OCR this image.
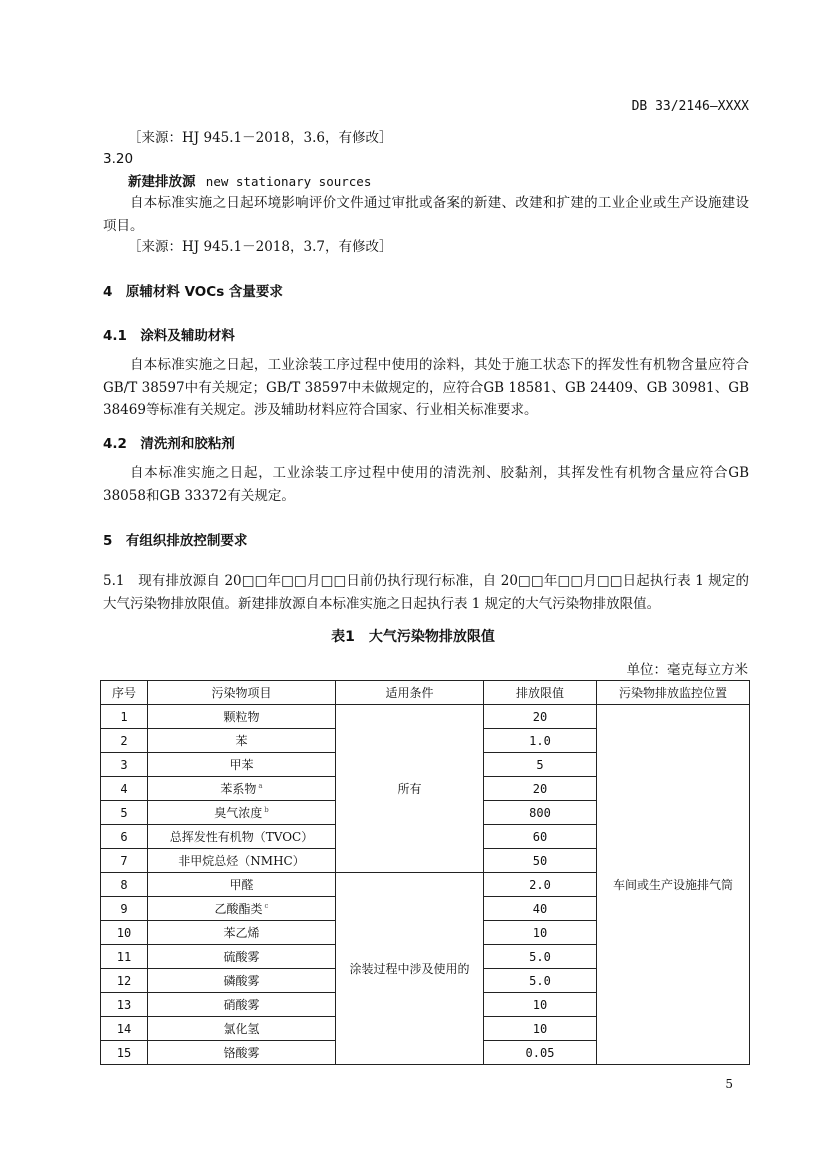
DB 33/2146—XXXX
［来源：HJ 945.1－2018，3.6，有修改］
3.20
新建排放源 new stationary sources
自本标准实施之日起环境影响评价文件通过审批或备案的新建、改建和扩建的工业企业或生产设施建设项目。
［来源：HJ 945.1－2018，3.7，有修改］
4　原辅材料 VOCs 含量要求
4.1　涂料及辅助材料
自本标准实施之日起，工业涂装工序过程中使用的涂料，其处于施工状态下的挥发性有机物含量应符合GB/T 38597中有关规定；GB/T 38597中未做规定的，应符合GB 18581、GB 24409、GB 30981、GB 38469等标准有关规定。涉及辅助材料应符合国家、行业相关标准要求。
4.2　清洗剂和胶粘剂
自本标准实施之日起，工业涂装工序过程中使用的清洗剂、胶黏剂，其挥发性有机物含量应符合GB 38058和GB 33372有关规定。
5　有组织排放控制要求
5.1　现有排放源自 20□□年□□月□□日前仍执行现行标准，自 20□□年□□月□□日起执行表 1 规定的大气污染物排放限值。新建排放源自本标准实施之日起执行表 1 规定的大气污染物排放限值。
表1　大气污染物排放限值
单位：毫克每立方米
序号	污染物项目	适用条件	排放限值	污染物排放监控位置
1	颗粒物	所有	20	车间或生产设施排气筒
2	苯		1.0	
3	甲苯		5	
4	苯系物 $^a$		20	
5	臭气浓度 $^b$		800	
6	总挥发性有机物（TVOC）		60	
7	非甲烷总烃（NMHC）		50	
8	甲醛	涂装过程中涉及使用的	2.0	
9	乙酸酯类 $^c$		40	
10	苯乙烯		10	
11	硫酸雾		5.0	
12	磷酸雾		5.0	
13	硝酸雾		10	
14	氯化氢		10	
15	铬酸雾		0.05	
5
